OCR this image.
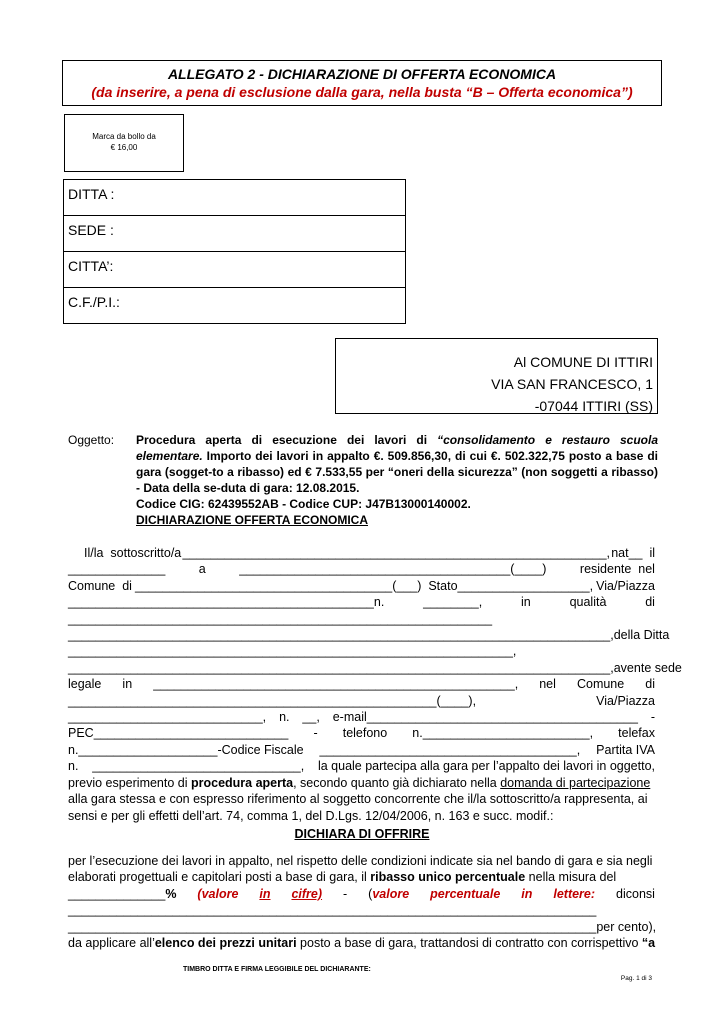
ALLEGATO 2 - DICHIARAZIONE DI OFFERTA ECONOMICA
(da inserire, a pena di esclusione dalla gara, nella busta “B – Offerta economica”)
Marca da bollo da
€ 16,00
DITTA :
SEDE :
CITTA’:
C.F./P.I.:
Al COMUNE DI ITTIRI
VIA SAN FRANCESCO, 1
-07044 ITTIRI (SS)
Oggetto: Procedura aperta di esecuzione dei lavori di “consolidamento e restauro scuola elementare. Importo dei lavori in appalto €. 509.856,30, di cui €. 502.322,75 posto a base di gara (sogget-to a ribasso) ed € 7.533,55 per “oneri della sicurezza” (non soggetti a ribasso) - Data della se-duta di gara: 12.08.2015.
Codice CIG: 62439552AB - Codice CUP: J47B13000140002.
DICHIARAZIONE OFFERTA ECONOMICA

Il/la  sottoscritto/a _____________________________________________________________, nat__  il

______________	a	_______________________________________(____)	residente  nel

Comune  di _____________________________________(___)  Stato___________________, Via/Piazza

____________________________________________n.	________,	in	qualità	di

_____________________________________________________________

______________________________________________________________________________, della Ditta

________________________________________________________________,

______________________________________________________________________________, avente sede

legale in ____________________________________________________, nel Comune di

_____________________________________________________(____),	Via/Piazza

____________________________, n. __, e-mail_______________________________________ -

PEC____________________________ - telefono n.________________________, telefax

n.____________________-Codice Fiscale _____________________________________, Partita IVA

n. ______________________________, la quale partecipa alla gara per l’appalto dei lavori in oggetto,

previo esperimento di procedura aperta, secondo quanto già dichiarato nella domanda di partecipazione

alla gara stessa e con espresso riferimento al soggetto concorrente che il/la sottoscritto/a rappresenta, ai

sensi e per gli effetti dell’art. 74, comma 1, del D.Lgs. 12/04/2006, n. 163 e succ. modif.:

DICHIARA DI OFFRIRE

per l’esecuzione dei lavori in appalto, nel rispetto delle condizioni indicate sia nel bando di gara e sia negli

elaborati progettuali e capitolari posti a base di gara, il ribasso unico percentuale nella misura del

______________% (valore in cifre) - (valore percentuale in lettere: diconsi

____________________________________________________________________________

____________________________________________________________________________ per cento),

da applicare all’elenco dei prezzi unitari posto a base di gara, trattandosi di contratto con corrispettivo “a

TIMBRO DITTA E FIRMA LEGGIBILE DEL DICHIARANTE:
Pag. 1 di 3
